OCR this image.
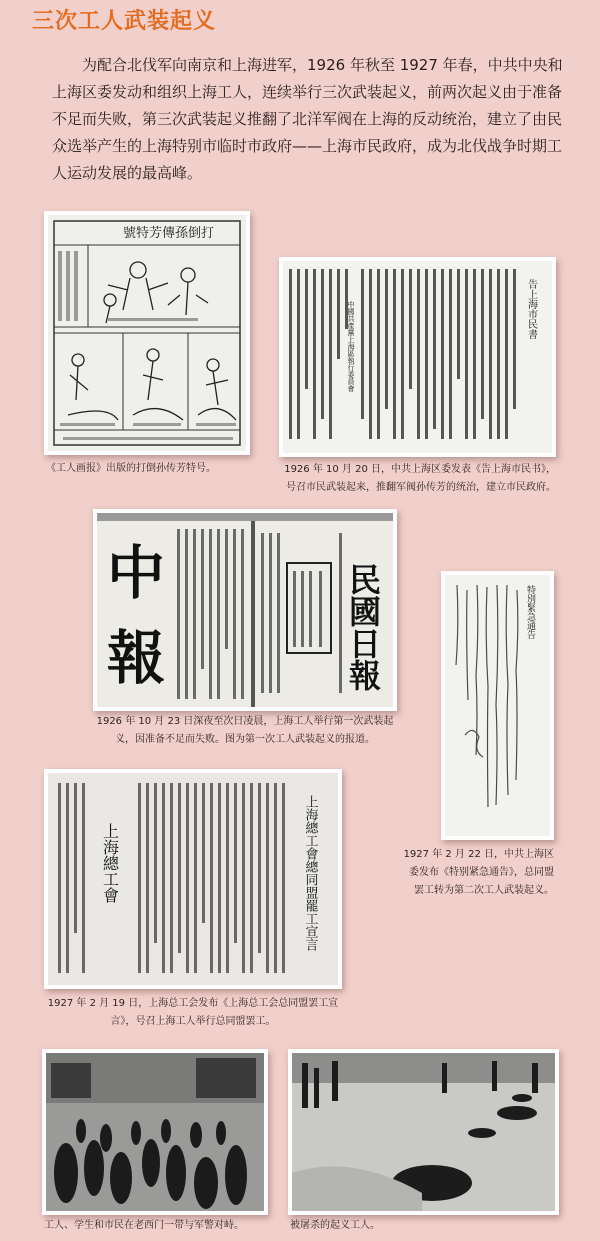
三次工人武装起义
为配合北伐军向南京和上海进军，1926 年秋至 1927 年春，中共中央和上海区委发动和组织上海工人，连续举行三次武装起义，前两次起义由于准备不足而失败，第三次武装起义推翻了北洋军阀在上海的反动统治，建立了由民众选举产生的上海特别市临时市政府——上海市民政府，成为北伐战争时期工人运动发展的最高峰。
號特芳傳孫倒打
《工人画报》出版的打倒孙传芳特号。
告上海市民書
中國共產黨上海區執行委員會
1926 年 10 月 20 日，中共上海区委发表《告上海市民书》，号召市民武装起来，推翻军阀孙传芳的统治，建立市民政府。
中
報	民國日報
1926 年 10 月 23 日深夜至次日凌晨，上海工人举行第一次武装起义，因准备不足而失败。图为第一次工人武装起义的报道。
特別緊急通告
1927 年 2 月 22 日，中共上海区委发布《特别紧急通告》，总同盟罢工转为第二次工人武装起义。
上海總工會	上海總工會總同盟罷工宣言
1927 年 2 月 19 日，上海总工会发布《上海总工会总同盟罢工宣言》，号召上海工人举行总同盟罢工。
工人、学生和市民在老西门一带与军警对峙。	被屠杀的起义工人。
